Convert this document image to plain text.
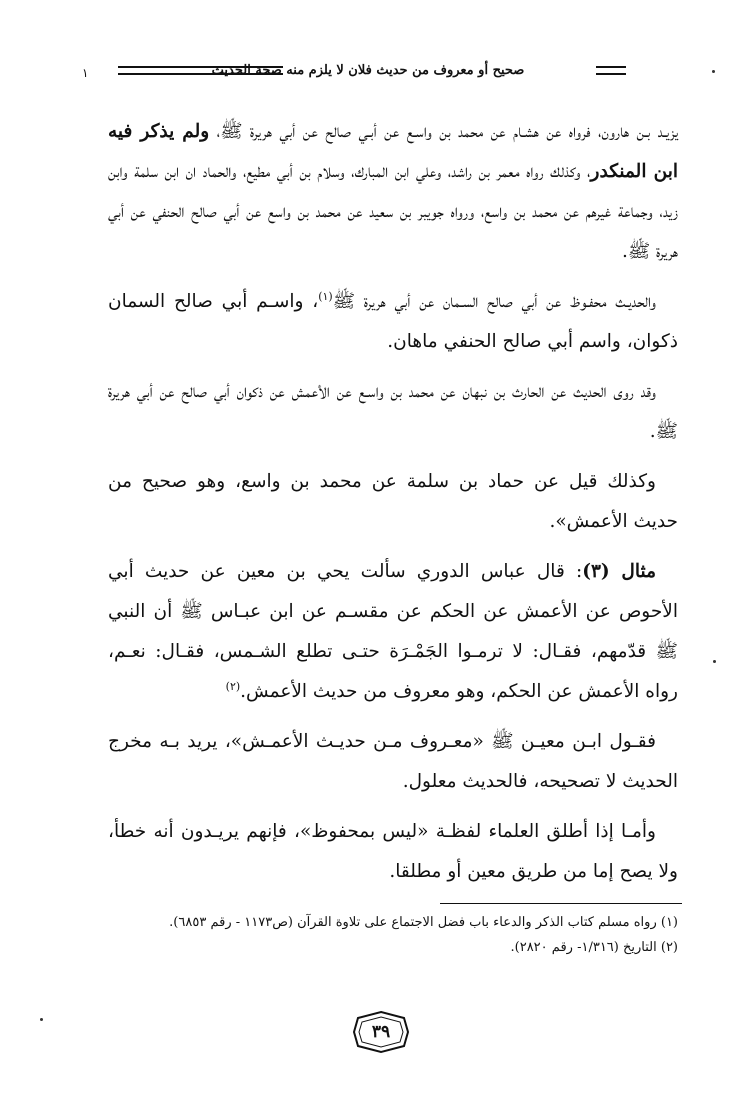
١	صحيح أو معروف من حديث فلان لا يلزم منه صحة الحديث

يزيـد بـن هارون، فرواه عن هشـام عن محمد بن واسـع عن أبـي صالح عن أبي هريرة ﷺ، ولم يذكر فيه ابن المنكدر، وكذلك رواه معمر بن راشد، وعلي ابن المبارك، وسلام بن أبي مطيع، والحماد ان ابن سلمة وابن زيد، وجماعة غيرهم عن محمد بن واسع، ورواه جويبر بن سعيد عن محمد بن واسع عن أبي صالح الحنفي عن أبي هريرة ﷺ.

والحديـث محفـوظ عن أبي صالح السـمان عن أبي هريرة ﷺ$^{(١)}$، واسـم أبي صالح السمان ذكوان، واسم أبي صالح الحنفي ماهان.

وقد روى الحديث عن الحارث بن نبهان عن محمد بن واسـع عن الأعمش عن ذكوان أبي صالح عن أبي هريرة ﷺ.

وكذلك قيل عن حماد بن سلمة عن محمد بن واسع، وهو صحيح من حديث الأعمش».

مثال (٣): قال عباس الدوري سألت يحي بن معين عن حديث أبي الأحوص عن الأعمش عن الحكم عن مقسـم عن ابن عبـاس ﷺ أن النبي ﷺ قدّمهم، فقـال: لا ترمـوا الجَمْـرَة حتـى تطلع الشـمس، فقـال: نعـم، رواه الأعمش عن الحكم، وهو معروف من حديث الأعمش.$^{(٢)}$

فقـول ابـن معيـن ﷺ «معـروف مـن حديـث الأعمـش»، يريد بـه مخرج الحديث لا تصحيحه، فالحديث معلول.

وأمـا إذا أطلق العلماء لفظـة «ليس بمحفوظ»، فإنهم يريـدون أنه خطأ، ولا يصح إما من طريق معين أو مطلقا.

(١) رواه مسلم كتاب الذكر والدعاء باب فضل الاجتماع على تلاوة القرآن (ص١١٧٣ - رقم ٦٨٥٣).
(٢) التاريخ (١/٣١٦- رقم ٢٨٢٠).
٣٩
